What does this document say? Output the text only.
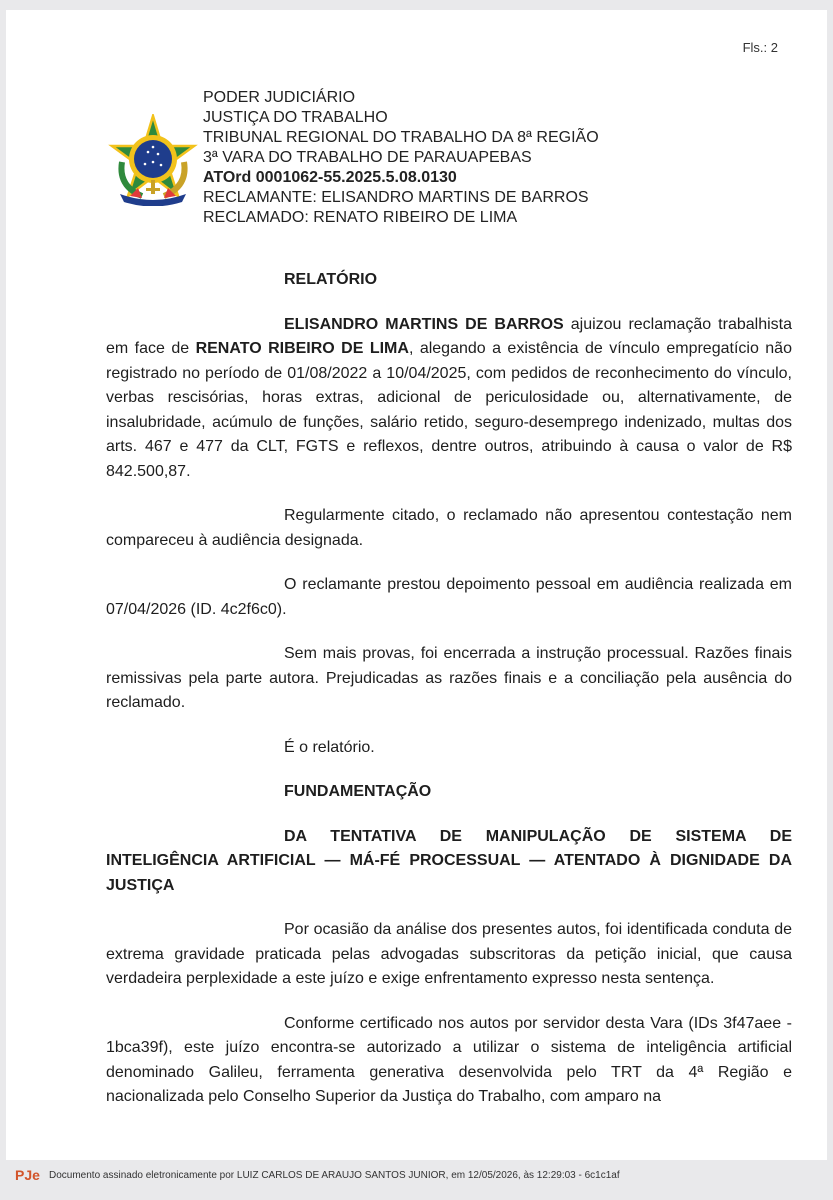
Fls.: 2
PODER JUDICIÁRIO
JUSTIÇA DO TRABALHO
TRIBUNAL REGIONAL DO TRABALHO DA 8ª REGIÃO
3ª VARA DO TRABALHO DE PARAUAPEBAS
ATOrd 0001062-55.2025.5.08.0130
RECLAMANTE: ELISANDRO MARTINS DE BARROS
RECLAMADO: RENATO RIBEIRO DE LIMA

RELATÓRIO

ELISANDRO MARTINS DE BARROS ajuizou reclamação trabalhista em face de RENATO RIBEIRO DE LIMA, alegando a existência de vínculo empregatício não registrado no período de 01/08/2022 a 10/04/2025, com pedidos de reconhecimento do vínculo, verbas rescisórias, horas extras, adicional de periculosidade ou, alternativamente, de insalubridade, acúmulo de funções, salário retido, seguro-desemprego indenizado, multas dos arts. 467 e 477 da CLT, FGTS e reflexos, dentre outros, atribuindo à causa o valor de R$ 842.500,87.

Regularmente citado, o reclamado não apresentou contestação nem compareceu à audiência designada.

O reclamante prestou depoimento pessoal em audiência realizada em 07/04/2026 (ID. 4c2f6c0).

Sem mais provas, foi encerrada a instrução processual. Razões finais remissivas pela parte autora. Prejudicadas as razões finais e a conciliação pela ausência do reclamado.

É o relatório.

FUNDAMENTAÇÃO

DA TENTATIVA DE MANIPULAÇÃO DE SISTEMA DE INTELIGÊNCIA ARTIFICIAL — MÁ-FÉ PROCESSUAL — ATENTADO À DIGNIDADE DA JUSTIÇA

Por ocasião da análise dos presentes autos, foi identificada conduta de extrema gravidade praticada pelas advogadas subscritoras da petição inicial, que causa verdadeira perplexidade a este juízo e exige enfrentamento expresso nesta sentença.

Conforme certificado nos autos por servidor desta Vara (IDs 3f47aee - 1bca39f), este juízo encontra-se autorizado a utilizar o sistema de inteligência artificial denominado Galileu, ferramenta generativa desenvolvida pelo TRT da 4ª Região e nacionalizada pelo Conselho Superior da Justiça do Trabalho, com amparo na

PJe Documento assinado eletronicamente por LUIZ CARLOS DE ARAUJO SANTOS JUNIOR, em 12/05/2026, às 12:29:03 - 6c1c1af
